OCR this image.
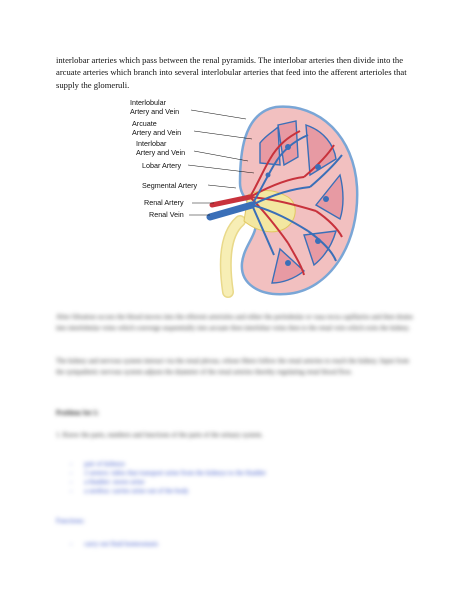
interlobar arteries which pass between the renal pyramids. The interlobar arteries then divide into the arcuate arteries which branch into several interlobular arteries that feed into the afferent arterioles that supply the glomeruli.

Interlobular
Artery and Vein
Arcuate
Artery and Vein
Interlobar
Artery and Vein
Lobar Artery
Segmental Artery
Renal Artery
Renal Vein

After filtration occurs the blood moves into the efferent arterioles and either the peritubular or vasa recta capillaries and then drains into interlobular veins which converge sequentially into arcuate then interlobar veins then to the renal vein which exits the kidney.

The kidney and nervous system interact via the renal plexus, whose fibers follow the renal arteries to reach the kidney. Input from the sympathetic nervous system adjusts the diameter of the renal arteries thereby regulating renal blood flow.

Problem Set 1:

1. Know the parts, numbers and functions of the parts of the urinary system.

- pair of kidneys
- 2 ureters: tubes that transport urine from the kidneys to the bladder
- a bladder: stores urine
- a urethra: carries urine out of the body

Functions:

- carry out fluid homeostasis
